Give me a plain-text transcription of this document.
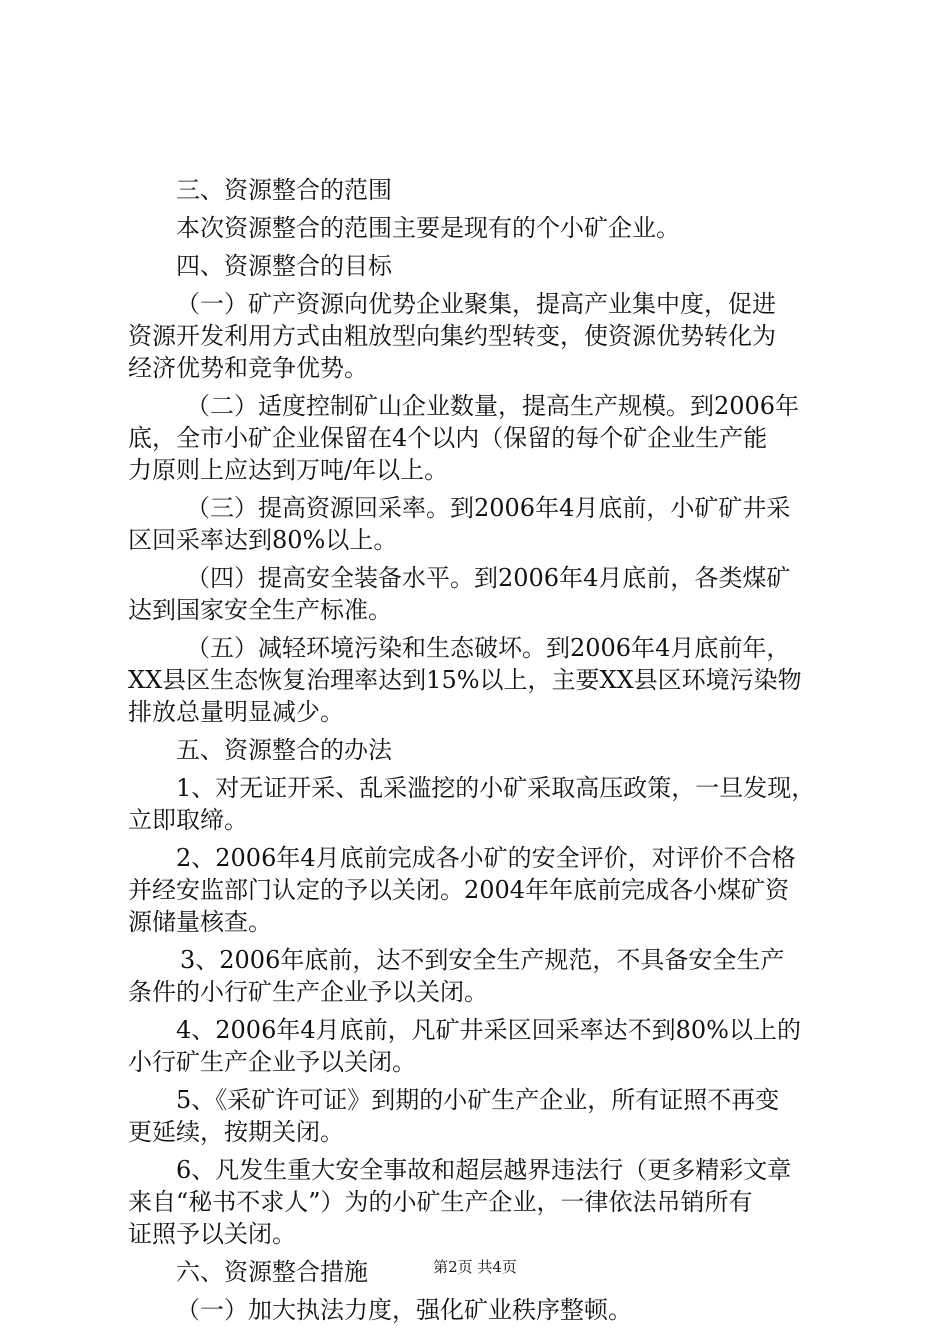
三、资源整合的范围

本次资源整合的范围主要是现有的个小矿企业。

四、资源整合的目标

（一）矿产资源向优势企业聚集，提高产业集中度，促进

资源开发利用方式由粗放型向集约型转变，使资源优势转化为

经济优势和竞争优势。

（二）适度控制矿山企业数量，提高生产规模。到2006年

底，全市小矿企业保留在4个以内（保留的每个矿企业生产能

力原则上应达到万吨/年以上。

（三）提高资源回采率。到2006年4月底前，小矿矿井采

区回采率达到80%以上。

（四）提高安全装备水平。到2006年4月底前，各类煤矿

达到国家安全生产标准。

（五）减轻环境污染和生态破坏。到2006年4月底前年，

XX县区生态恢复治理率达到15%以上，主要XX县区环境污染物

排放总量明显减少。

五、资源整合的办法

1、对无证开采、乱采滥挖的小矿采取高压政策，一旦发现，

立即取缔。

2、2006年4月底前完成各小矿的安全评价，对评价不合格

并经安监部门认定的予以关闭。2004年年底前完成各小煤矿资

源储量核查。

3、2006年底前，达不到安全生产规范，不具备安全生产

条件的小行矿生产企业予以关闭。

4、2006年4月底前，凡矿井采区回采率达不到80%以上的

小行矿生产企业予以关闭。

5、《采矿许可证》到期的小矿生产企业，所有证照不再变

更延续，按期关闭。

6、凡发生重大安全事故和超层越界违法行（更多精彩文章

来自“秘书不求人”）为的小矿生产企业，一律依法吊销所有

证照予以关闭。

六、资源整合措施

（一）加大执法力度，强化矿业秩序整顿。

第2页 共4页
